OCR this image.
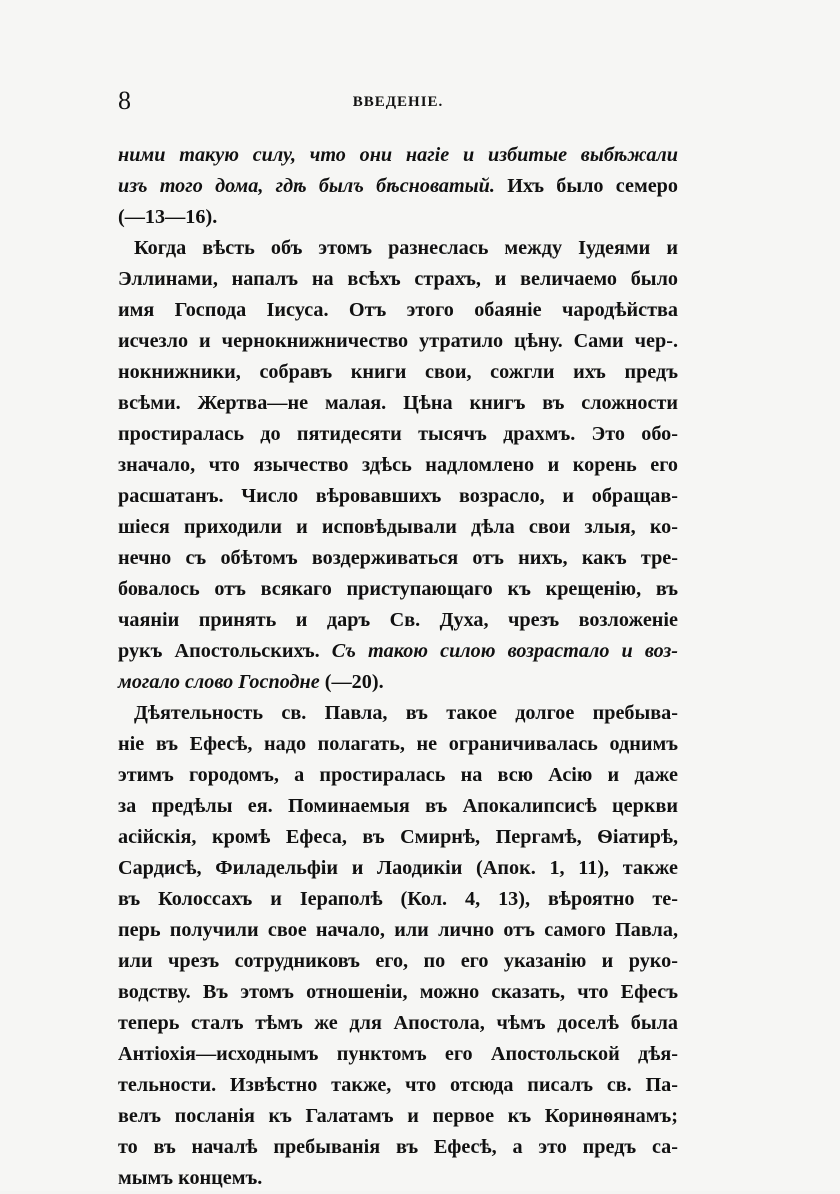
8	ВВЕДЕНІЕ.
ними такую силу, что они нагіе и избитые выбѣжали
изъ того дома, гдѣ былъ бѣсноватый. Ихъ было семеро
(—13—16).
Когда вѣсть объ этомъ разнеслась между Іудеями и
Эллинами, напалъ на всѣхъ страхъ, и величаемо было
имя Господа Іисуса. Отъ этого обаяніе чародѣйства
исчезло и чернокнижничество утратило цѣну. Сами чер-.
нокнижники, собравъ книги свои, сожгли ихъ предъ
всѣми. Жертва—не малая. Цѣна книгъ въ сложности
простиралась до пятидесяти тысячъ драхмъ. Это обо-
значало, что язычество здѣсь надломлено и корень его
расшатанъ. Число вѣровавшихъ возрасло, и обращав-
шіеся приходили и исповѣдывали дѣла свои злыя, ко-
нечно съ обѣтомъ воздерживаться отъ нихъ, какъ тре-
бовалось отъ всякаго приступающаго къ крещенію, въ
чаяніи принять и даръ Св. Духа, чрезъ возложеніе
рукъ Апостольскихъ. Съ такою силою возрастало и воз-
могало слово Господне (—20).
Дѣятельность св. Павла, въ такое долгое пребыва-
ніе въ Ефесѣ, надо полагать, не ограничивалась однимъ
этимъ городомъ, а простиралась на всю Асію и даже
за предѣлы ея. Поминаемыя въ Апокалипсисѣ церкви
асійскія, кромѣ Ефеса, въ Смирнѣ, Пергамѣ, Ѳіатирѣ,
Сардисѣ, Филадельфіи и Лаодикіи (Апок. 1, 11), также
въ Колоссахъ и Іераполѣ (Кол. 4, 13), вѣроятно те-
перь получили свое начало, или лично отъ самого Павла,
или чрезъ сотрудниковъ его, по его указанію и руко-
водству. Въ этомъ отношеніи, можно сказать, что Ефесъ
теперь сталъ тѣмъ же для Апостола, чѣмъ доселѣ была
Антіохія—исходнымъ пунктомъ его Апостольской дѣя-
тельности. Извѣстно также, что отсюда писалъ св. Па-
велъ посланія къ Галатамъ и первое къ Коринѳянамъ;
то въ началѣ пребыванія въ Ефесѣ, а это предъ са-
мымъ концемъ.
